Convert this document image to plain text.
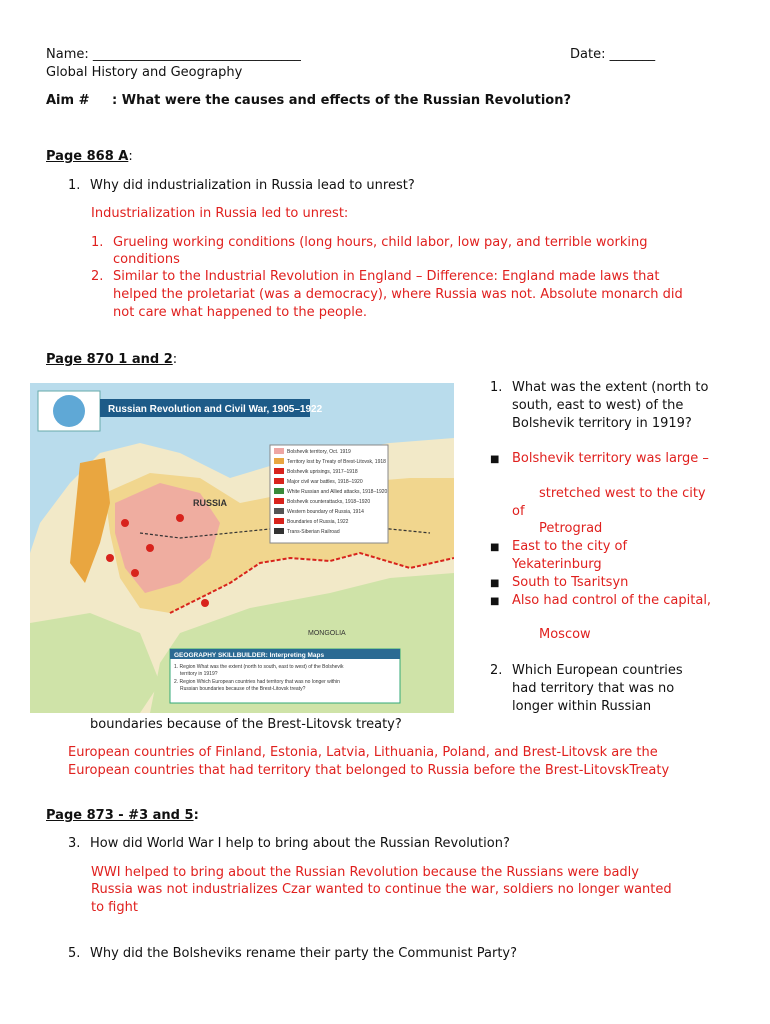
Name: ________________________________	Date: _______
Global History and Geography
Aim # : What were the causes and effects of the Russian Revolution?
Page 868 A:
1. Why did industrialization in Russia lead to unrest?
Industrialization in Russia led to unrest:
1. Grueling working conditions (long hours, child labor, low pay, and terrible working
conditions
2. Similar to the Industrial Revolution in England – Difference: England made laws that
helped the proletariat (was a democracy), where Russia was not. Absolute monarch did
not care what happened to the people.
Page 870 1 and 2:
Russian Revolution and Civil War, 1905–1922
RUSSIA
MONGOLIA
Bolshevik territory, Oct. 1919
Territory lost by Treaty of Brest-Litovsk, 1918
Bolshevik uprisings, 1917–1918
Major civil war battles, 1918–1920
White Russian and Allied attacks, 1918–1920
Bolshevik counterattacks, 1918–1920
Western boundary of Russia, 1914
Boundaries of Russia, 1922
Trans-Siberian Railroad
GEOGRAPHY SKILLBUILDER: Interpreting Maps
1. Region What was the extent (north to south, east to west) of the Bolshevik
territory in 1919?
2. Region Which European countries had territory that was no longer within
Russian boundaries because of the Brest-Litovsk treaty?
1. What was the extent (north to
south, east to west) of the
Bolshevik territory in 1919?
■ Bolshevik territory was large –
stretched west to the city
of
Petrograd
■ East to the city of
Yekaterinburg
■ South to Tsaritsyn
■ Also had control of the capital,
Moscow
2. Which European countries
had territory that was no
longer within Russian
boundaries because of the Brest-Litovsk treaty?
European countries of Finland, Estonia, Latvia, Lithuania, Poland, and Brest-Litovsk are the
European countries that had territory that belonged to Russia before the Brest-LitovskTreaty
Page 873 - #3 and 5:
3. How did World War I help to bring about the Russian Revolution?
WWI helped to bring about the Russian Revolution because the Russians were badly
Russia was not industrializes Czar wanted to continue the war, soldiers no longer wanted
to fight
5. Why did the Bolsheviks rename their party the Communist Party?
